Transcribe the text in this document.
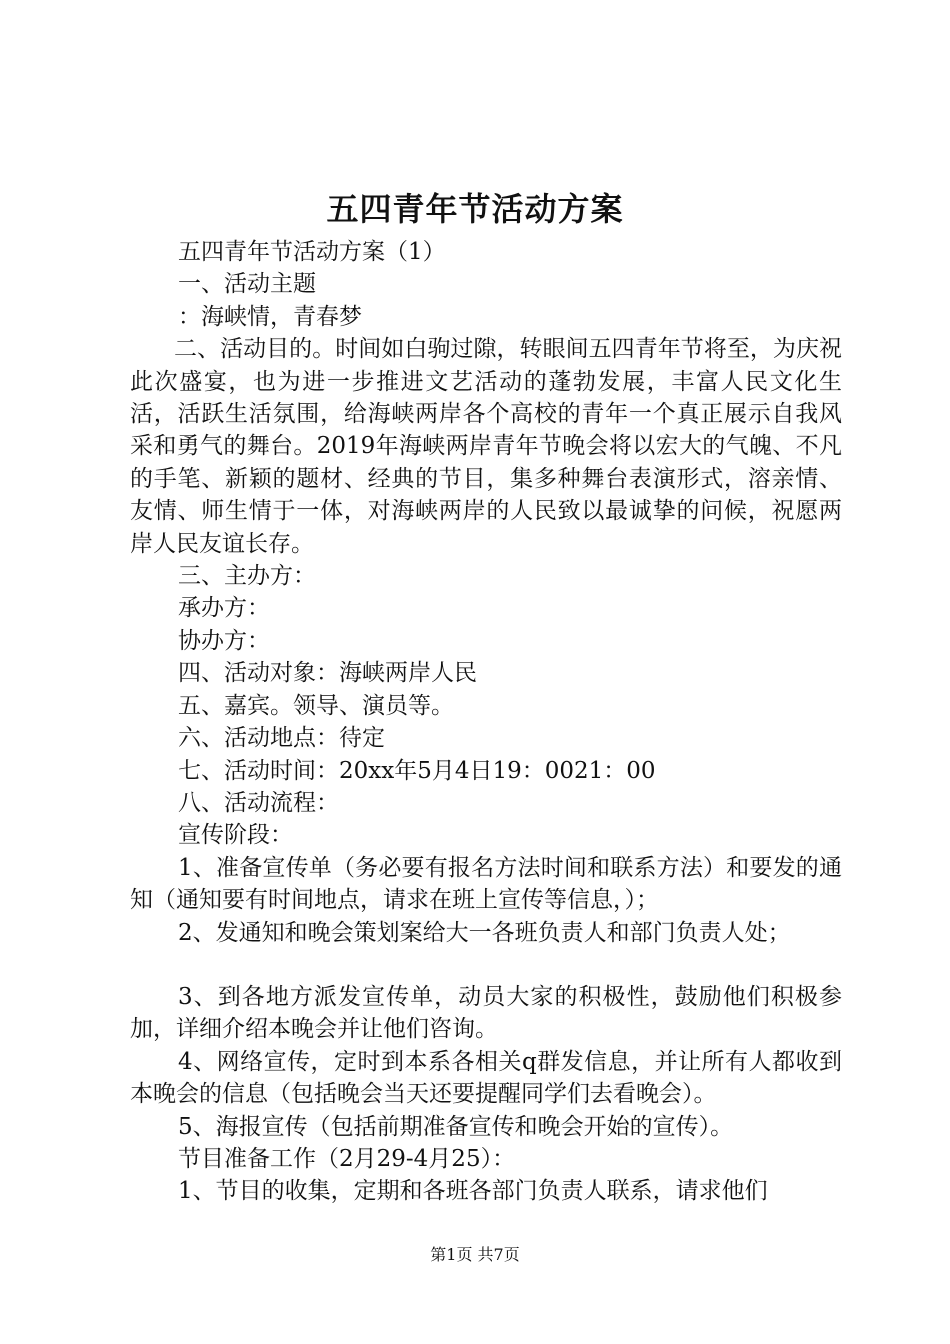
五四青年节活动方案

五四青年节活动方案（1）

一、活动主题

：海峡情，青春梦

二、活动目的。时间如白驹过隙，转眼间五四青年节将至，为庆祝此次盛宴，也为进一步推进文艺活动的蓬勃发展，丰富人民文化生活，活跃生活氛围，给海峡两岸各个高校的青年一个真正展示自我风采和勇气的舞台。2019年海峡两岸青年节晚会将以宏大的气魄、不凡的手笔、新颖的题材、经典的节目，集多种舞台表演形式，溶亲情、友情、师生情于一体，对海峡两岸的人民致以最诚挚的问候，祝愿两岸人民友谊长存。

三、主办方：

承办方：

协办方：

四、活动对象：海峡两岸人民

五、嘉宾。领导、演员等。

六、活动地点：待定

七、活动时间：20xx年5月4日19：0021：00

八、活动流程：

宣传阶段：

1、准备宣传单（务必要有报名方法时间和联系方法）和要发的通知（通知要有时间地点，请求在班上宣传等信息，）；

2、发通知和晚会策划案给大一各班负责人和部门负责人处；

3、到各地方派发宣传单，动员大家的积极性，鼓励他们积极参加，详细介绍本晚会并让他们咨询。

4、网络宣传，定时到本系各相关q群发信息，并让所有人都收到本晚会的信息（包括晚会当天还要提醒同学们去看晚会）。

5、海报宣传（包括前期准备宣传和晚会开始的宣传）。

节目准备工作（2月29-4月25）：

1、节目的收集，定期和各班各部门负责人联系，请求他们

第1页 共7页
